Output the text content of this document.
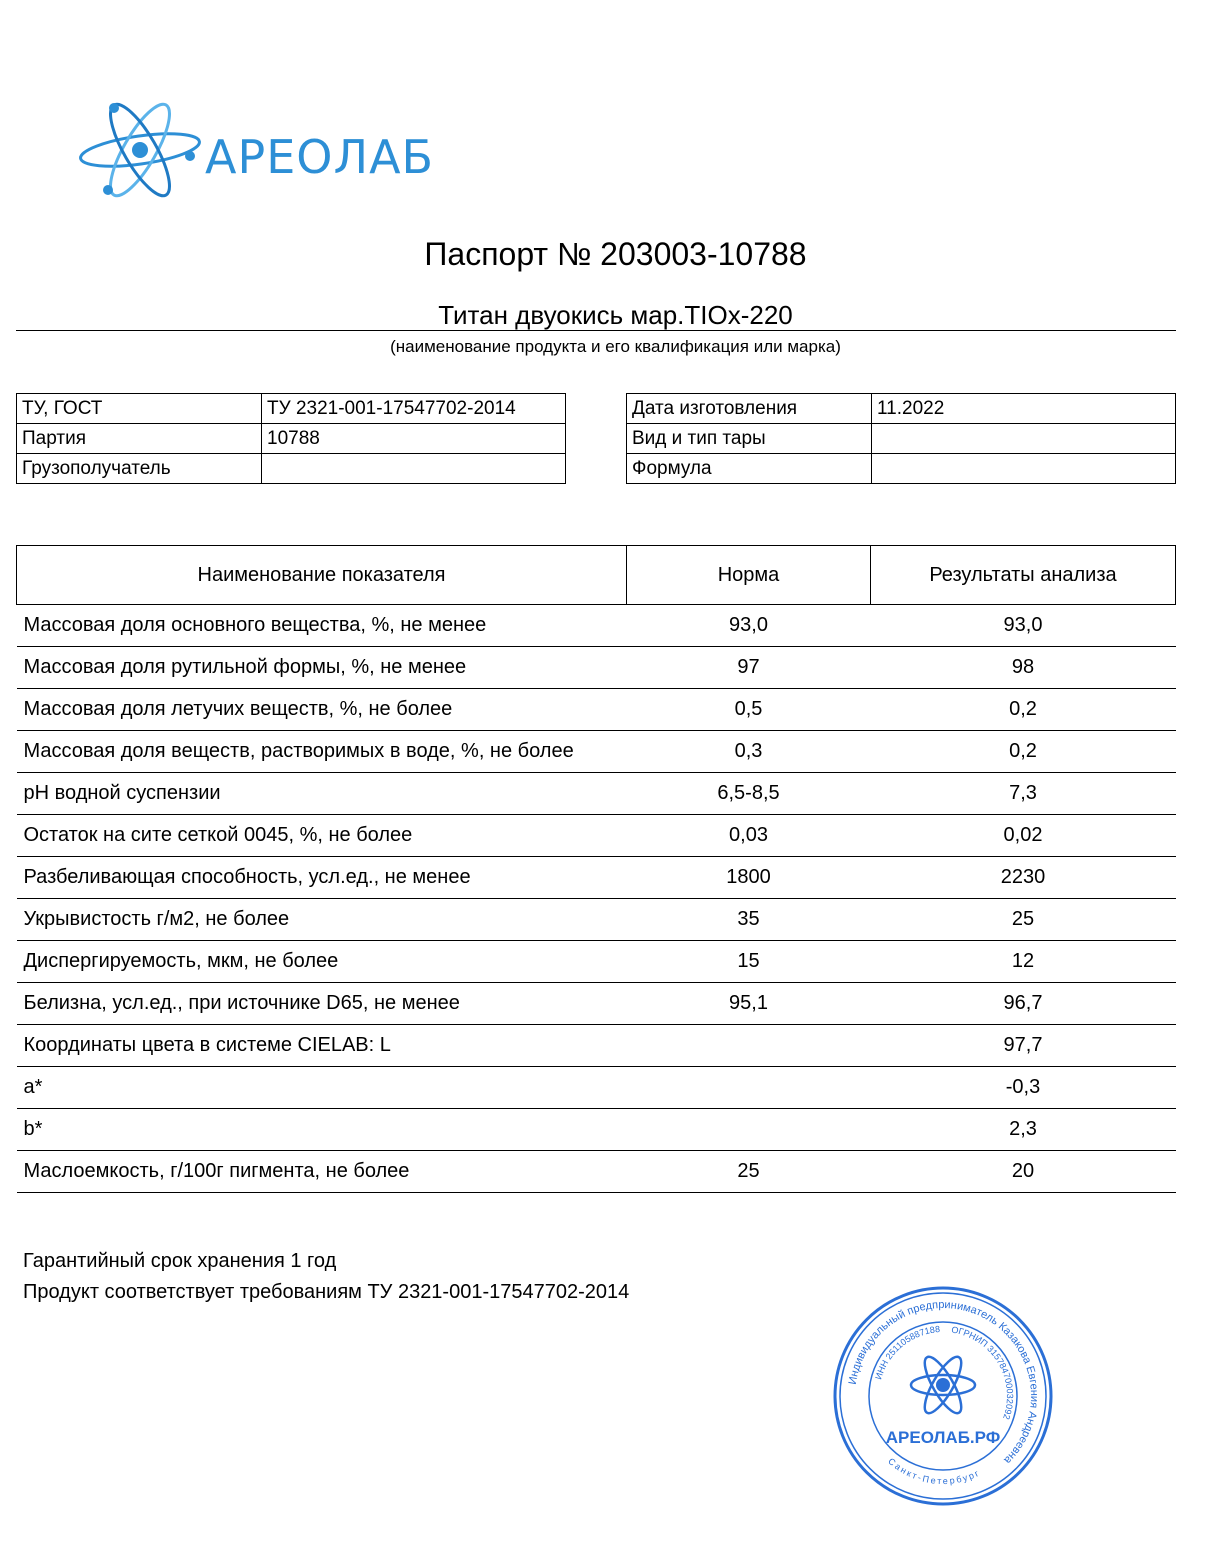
АРЕОЛАБ
Паспорт № 203003-10788
Титан двуокись мар.TIOx-220
(наименование продукта и его квалификация или марка)
ТУ, ГОСТ	ТУ 2321-001-17547702-2014
Партия	10788
Грузополучатель	
Дата изготовления	11.2022
Вид и тип тары	
Формула	
Наименование показателя	Норма	Результаты анализа
Массовая доля основного вещества, %, не менее	93,0	93,0
Массовая доля рутильной формы, %, не менее	97	98
Массовая доля летучих веществ, %, не более	0,5	0,2
Массовая доля веществ, растворимых в воде, %, не более	0,3	0,2
pH водной суспензии	6,5-8,5	7,3
Остаток на сите сеткой 0045, %, не более	0,03	0,02
Разбеливающая способность, усл.ед., не менее	1800	2230
Укрывистость г/м2, не более	35	25
Диспергируемость, мкм, не более	15	12
Белизна, усл.ед., при источнике D65, не менее	95,1	96,7
Координаты цвета в системе CIELAB: L		97,7
a*		-0,3
b*		2,3
Маслоемкость, г/100г пигмента, не более	25	20
Гарантийный срок хранения 1 год
Продукт соответствует требованиям ТУ 2321-001-17547702-2014
Индивидуальный предприниматель Казакова Евгения Андреевна
ИНН 251105887188 ОГРНИП 315784700032092
Санкт-Петербург
АРЕОЛАБ.РФ
